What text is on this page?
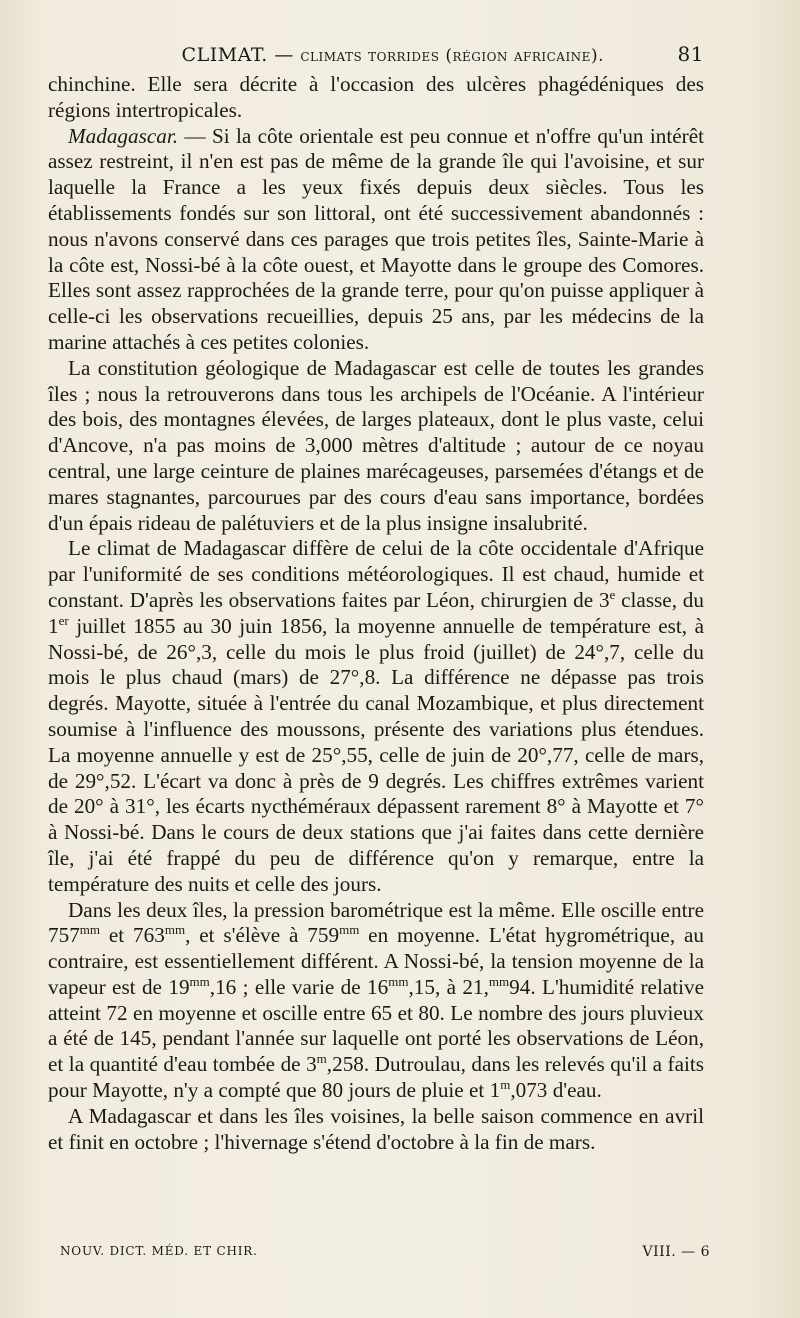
CLIMAT. — climats torrides (région africaine).	81

chinchine. Elle sera décrite à l'occasion des ulcères phagédéniques des régions intertropicales.

Madagascar. — Si la côte orientale est peu connue et n'offre qu'un intérêt assez restreint, il n'en est pas de même de la grande île qui l'avoisine, et sur laquelle la France a les yeux fixés depuis deux siècles. Tous les établissements fondés sur son littoral, ont été successivement abandonnés : nous n'avons conservé dans ces parages que trois petites îles, Sainte-Marie à la côte est, Nossi-bé à la côte ouest, et Mayotte dans le groupe des Comores. Elles sont assez rapprochées de la grande terre, pour qu'on puisse appliquer à celle-ci les observations recueillies, depuis 25 ans, par les médecins de la marine attachés à ces petites colonies.

La constitution géologique de Madagascar est celle de toutes les grandes îles ; nous la retrouverons dans tous les archipels de l'Océanie. A l'intérieur des bois, des montagnes élevées, de larges plateaux, dont le plus vaste, celui d'Ancove, n'a pas moins de 3,000 mètres d'altitude ; autour de ce noyau central, une large ceinture de plaines marécageuses, parsemées d'étangs et de mares stagnantes, parcourues par des cours d'eau sans importance, bordées d'un épais rideau de palétuviers et de la plus insigne insalubrité.

Le climat de Madagascar diffère de celui de la côte occidentale d'Afrique par l'uniformité de ses conditions météorologiques. Il est chaud, humide et constant. D'après les observations faites par Léon, chirurgien de 3e classe, du 1er juillet 1855 au 30 juin 1856, la moyenne annuelle de température est, à Nossi-bé, de 26°,3, celle du mois le plus froid (juillet) de 24°,7, celle du mois le plus chaud (mars) de 27°,8. La différence ne dépasse pas trois degrés. Mayotte, située à l'entrée du canal Mozambique, et plus directement soumise à l'influence des moussons, présente des variations plus étendues. La moyenne annuelle y est de 25°,55, celle de juin de 20°,77, celle de mars, de 29°,52. L'écart va donc à près de 9 degrés. Les chiffres extrêmes varient de 20° à 31°, les écarts nycthéméraux dépassent rarement 8° à Mayotte et 7° à Nossi-bé. Dans le cours de deux stations que j'ai faites dans cette dernière île, j'ai été frappé du peu de différence qu'on y remarque, entre la température des nuits et celle des jours.

Dans les deux îles, la pression barométrique est la même. Elle oscille entre $757^{mm}$ et $763^{mm}$, et s'élève à $759^{mm}$ en moyenne. L'état hygrométrique, au contraire, est essentiellement différent. A Nossi-bé, la tension moyenne de la vapeur est de $19^{mm},16$ ; elle varie de $16^{mm},15$, à 21,$^{mm}$94. L'humidité relative atteint 72 en moyenne et oscille entre 65 et 80. Le nombre des jours pluvieux a été de 145, pendant l'année sur laquelle ont porté les observations de Léon, et la quantité d'eau tombée de 3$^m$,258. Dutroulau, dans les relevés qu'il a faits pour Mayotte, n'y a compté que 80 jours de pluie et 1$^m$,073 d'eau.

A Madagascar et dans les îles voisines, la belle saison commence en avril et finit en octobre ; l'hivernage s'étend d'octobre à la fin de mars.

NOUV. DICT. MÉD. ET CHIR.	VIII. — 6
